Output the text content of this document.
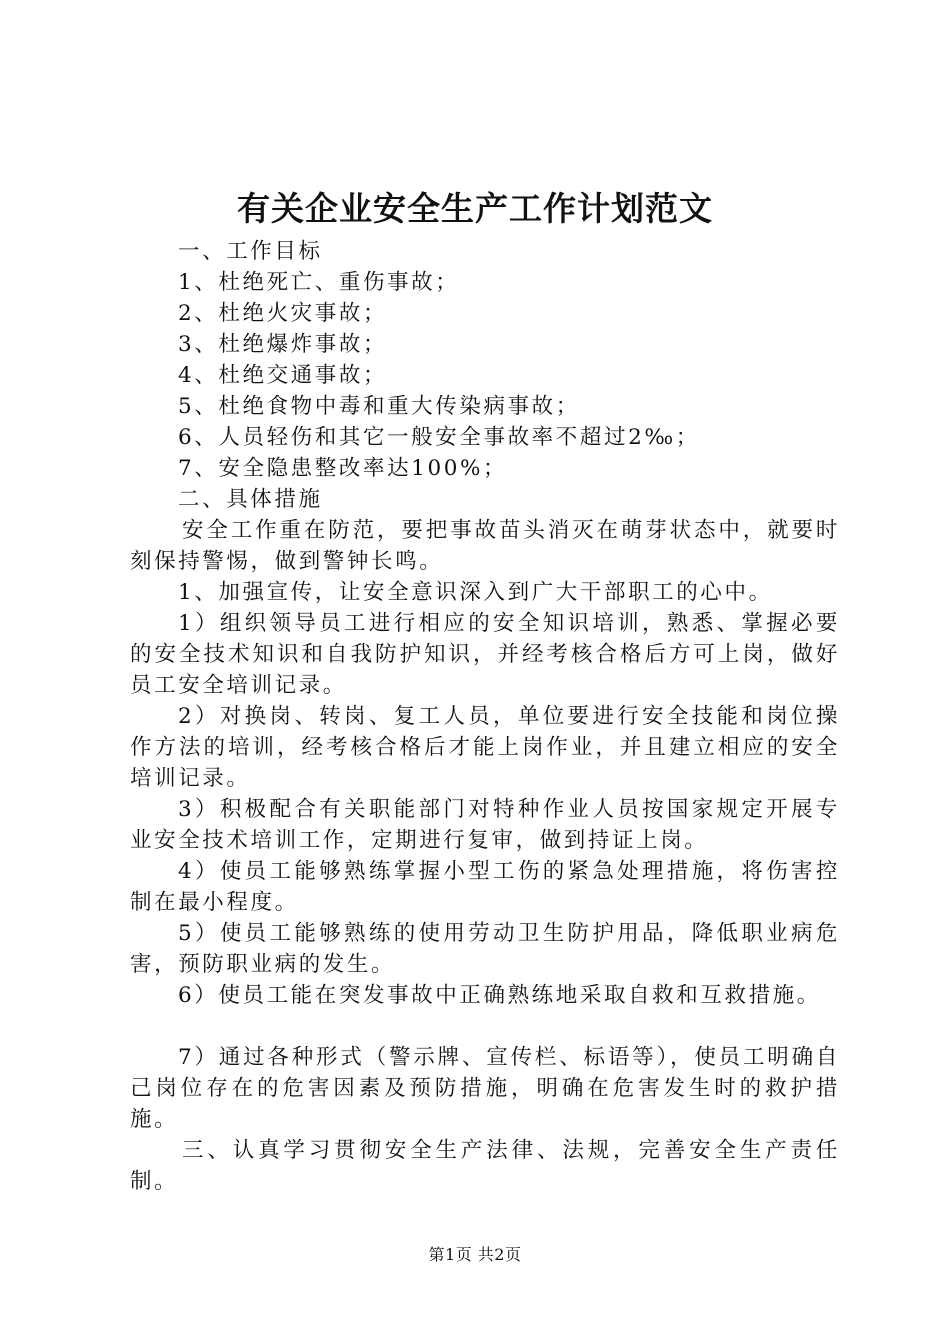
有关企业安全生产工作计划范文

一、工作目标

1、杜绝死亡、重伤事故；

2、杜绝火灾事故；

3、杜绝爆炸事故；

4、杜绝交通事故；

5、杜绝食物中毒和重大传染病事故；

6、人员轻伤和其它一般安全事故率不超过2‰；

7、安全隐患整改率达100%；

二、具体措施

安全工作重在防范，要把事故苗头消灭在萌芽状态中，就要时刻保持警惕，做到警钟长鸣。

1、加强宣传，让安全意识深入到广大干部职工的心中。

1）组织领导员工进行相应的安全知识培训，熟悉、掌握必要的安全技术知识和自我防护知识，并经考核合格后方可上岗，做好员工安全培训记录。

2）对换岗、转岗、复工人员，单位要进行安全技能和岗位操作方法的培训，经考核合格后才能上岗作业，并且建立相应的安全培训记录。

3）积极配合有关职能部门对特种作业人员按国家规定开展专业安全技术培训工作，定期进行复审，做到持证上岗。

4）使员工能够熟练掌握小型工伤的紧急处理措施，将伤害控制在最小程度。

5）使员工能够熟练的使用劳动卫生防护用品，降低职业病危害，预防职业病的发生。

6）使员工能在突发事故中正确熟练地采取自救和互救措施。

7）通过各种形式（警示牌、宣传栏、标语等），使员工明确自己岗位存在的危害因素及预防措施，明确在危害发生时的救护措施。

三、认真学习贯彻安全生产法律、法规，完善安全生产责任制。

第1页 共2页
